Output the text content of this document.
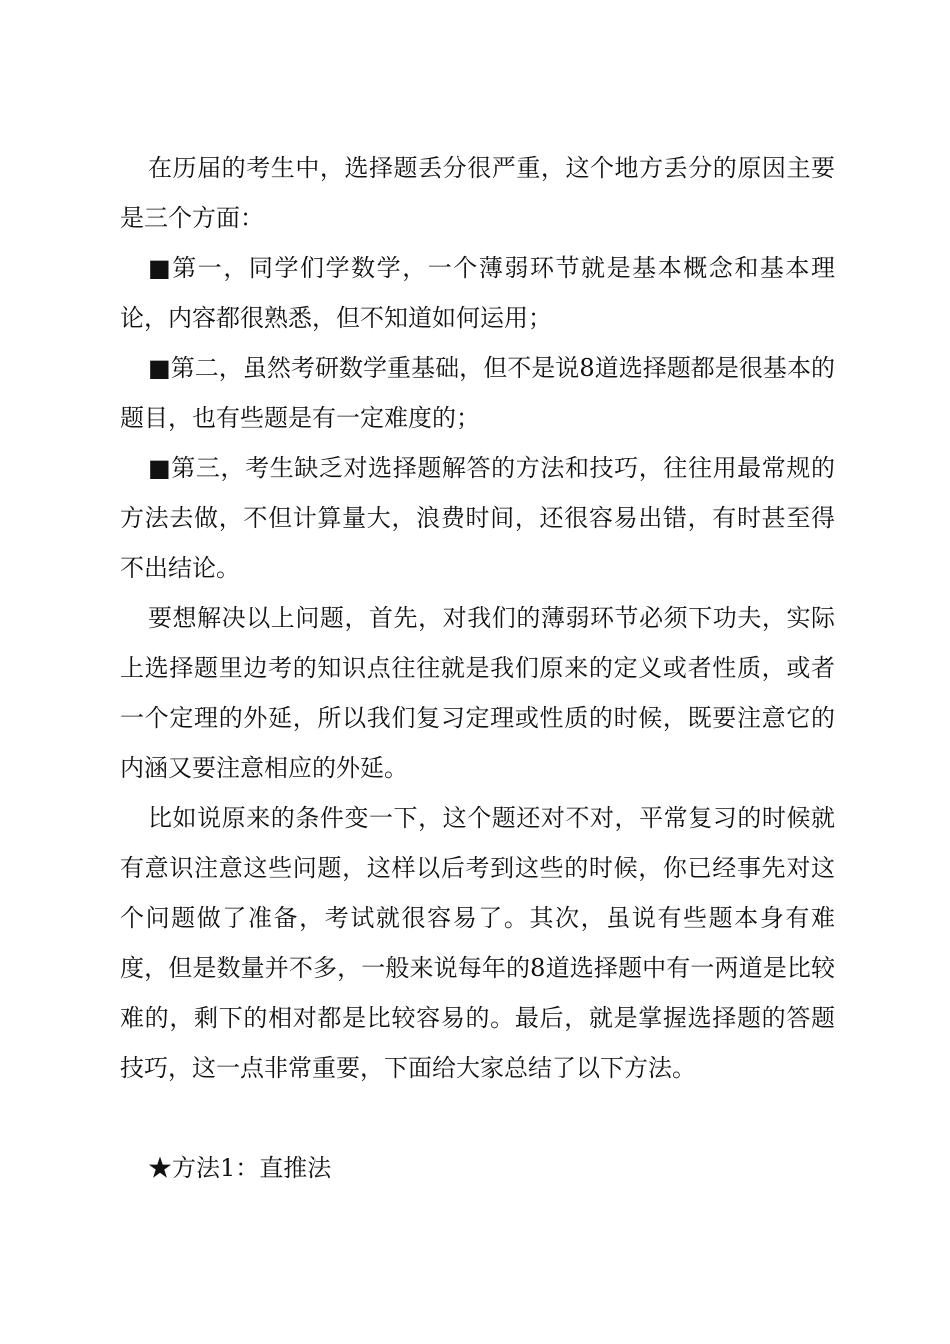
在历届的考生中，选择题丢分很严重，这个地方丢分的原因主要是三个方面：

■第一，同学们学数学，一个薄弱环节就是基本概念和基本理论，内容都很熟悉，但不知道如何运用；

■第二，虽然考研数学重基础，但不是说8道选择题都是很基本的题目，也有些题是有一定难度的；

■第三，考生缺乏对选择题解答的方法和技巧，往往用最常规的方法去做，不但计算量大，浪费时间，还很容易出错，有时甚至得不出结论。

要想解决以上问题，首先，对我们的薄弱环节必须下功夫，实际上选择题里边考的知识点往往就是我们原来的定义或者性质，或者一个定理的外延，所以我们复习定理或性质的时候，既要注意它的内涵又要注意相应的外延。

比如说原来的条件变一下，这个题还对不对，平常复习的时候就有意识注意这些问题，这样以后考到这些的时候，你已经事先对这个问题做了准备，考试就很容易了。其次，虽说有些题本身有难度，但是数量并不多，一般来说每年的8道选择题中有一两道是比较难的，剩下的相对都是比较容易的。最后，就是掌握选择题的答题技巧，这一点非常重要，下面给大家总结了以下方法。

★方法1：直推法
